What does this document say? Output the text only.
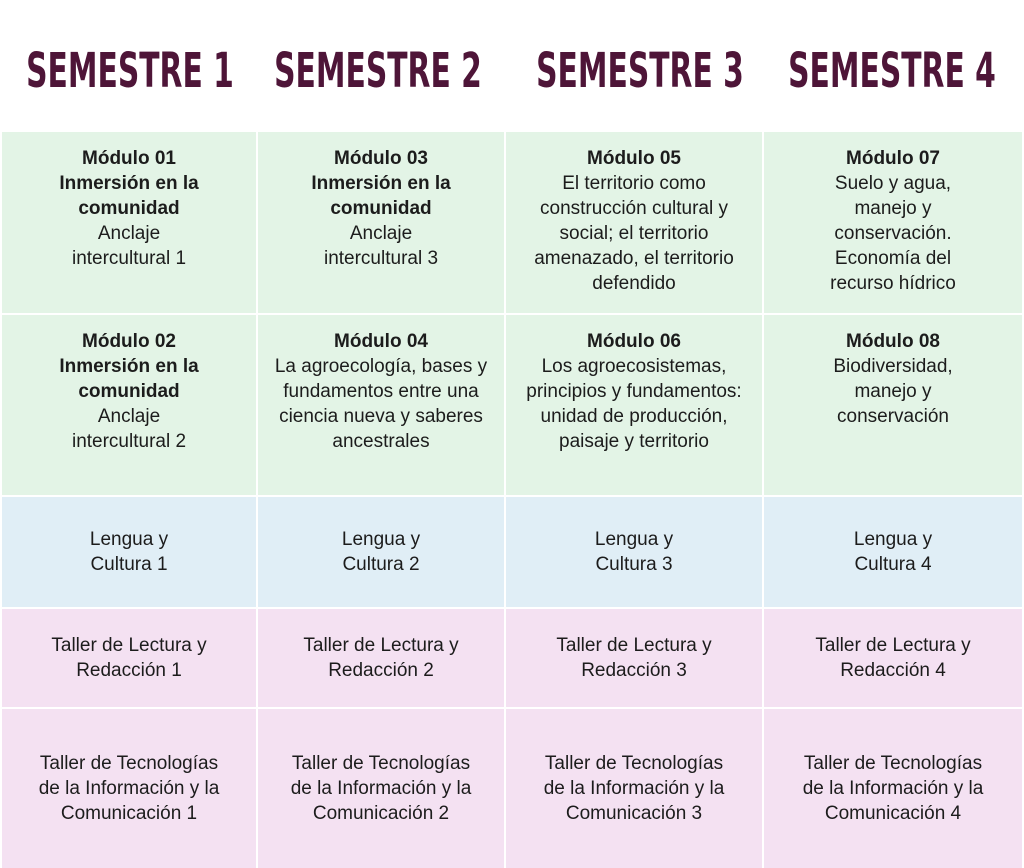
SEMESTRE 1 SEMESTRE 2 SEMESTRE 3 SEMESTRE 4
Módulo 01
Inmersión en la comunidad
Anclaje intercultural 1
Módulo 03
Inmersión en la comunidad
Anclaje intercultural 3
Módulo 05
El territorio como construcción cultural y social; el territorio amenazado, el territorio defendido
Módulo 07
Suelo y agua, manejo y conservación. Economía del recurso hídrico
Módulo 02
Inmersión en la comunidad
Anclaje intercultural 2
Módulo 04
La agroecología, bases y fundamentos entre una ciencia nueva y saberes ancestrales
Módulo 06
Los agroecosistemas, principios y fundamentos: unidad de producción, paisaje y territorio
Módulo 08
Biodiversidad, manejo y conservación
Lengua y Cultura 1
Lengua y Cultura 2
Lengua y Cultura 3
Lengua y Cultura 4
Taller de Lectura y Redacción 1
Taller de Lectura y Redacción 2
Taller de Lectura y Redacción 3
Taller de Lectura y Redacción 4
Taller de Tecnologías de la Información y la Comunicación 1
Taller de Tecnologías de la Información y la Comunicación 2
Taller de Tecnologías de la Información y la Comunicación 3
Taller de Tecnologías de la Información y la Comunicación 4
